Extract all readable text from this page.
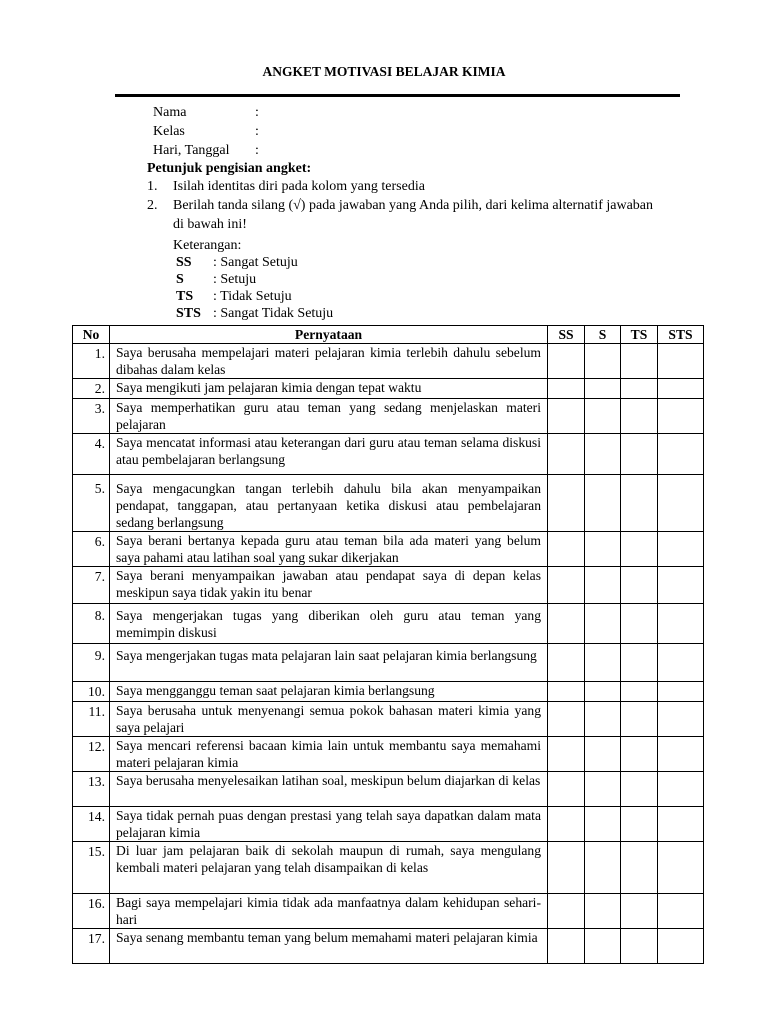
ANGKET MOTIVASI BELAJAR KIMIA
Nama	:
Kelas	:
Hari, Tanggal :
Petunjuk pengisian angket:
1. Isilah identitas diri pada kolom yang tersedia
2. Berilah tanda silang (√) pada jawaban yang Anda pilih, dari kelima alternatif jawaban di bawah ini!
Keterangan:
SS : Sangat Setuju
S : Setuju
TS : Tidak Setuju
STS : Sangat Tidak Setuju
No	Pernyataan	SS	S	TS	STS
1.	Saya berusaha mempelajari materi pelajaran kimia terlebih dahulu sebelum dibahas dalam kelas				
2.	Saya mengikuti jam pelajaran kimia dengan tepat waktu				
3.	Saya memperhatikan guru atau teman yang sedang menjelaskan materi pelajaran				
4.	Saya mencatat informasi atau keterangan dari guru atau teman selama diskusi atau pembelajaran berlangsung				
5.	Saya mengacungkan tangan terlebih dahulu bila akan menyampaikan pendapat, tanggapan, atau pertanyaan ketika diskusi atau pembelajaran sedang berlangsung				
6.	Saya berani bertanya kepada guru atau teman bila ada materi yang belum saya pahami atau latihan soal yang sukar dikerjakan				
7.	Saya berani menyampaikan jawaban atau pendapat saya di depan kelas meskipun saya tidak yakin itu benar				
8.	Saya mengerjakan tugas yang diberikan oleh guru atau teman yang memimpin diskusi				
9.	Saya mengerjakan tugas mata pelajaran lain saat pelajaran kimia berlangsung				
10.	Saya mengganggu teman saat pelajaran kimia berlangsung				
11.	Saya berusaha untuk menyenangi semua pokok bahasan materi kimia yang saya pelajari				
12.	Saya mencari referensi bacaan kimia lain untuk membantu saya memahami materi pelajaran kimia				
13.	Saya berusaha menyelesaikan latihan soal, meskipun belum diajarkan di kelas				
14.	Saya tidak pernah puas dengan prestasi yang telah saya dapatkan dalam mata pelajaran kimia				
15.	Di luar jam pelajaran baik di sekolah maupun di rumah, saya mengulang kembali materi pelajaran yang telah disampaikan di kelas				
16.	Bagi saya mempelajari kimia tidak ada manfaatnya dalam kehidupan sehari-hari				
17.	Saya senang membantu teman yang belum memahami materi pelajaran kimia				
